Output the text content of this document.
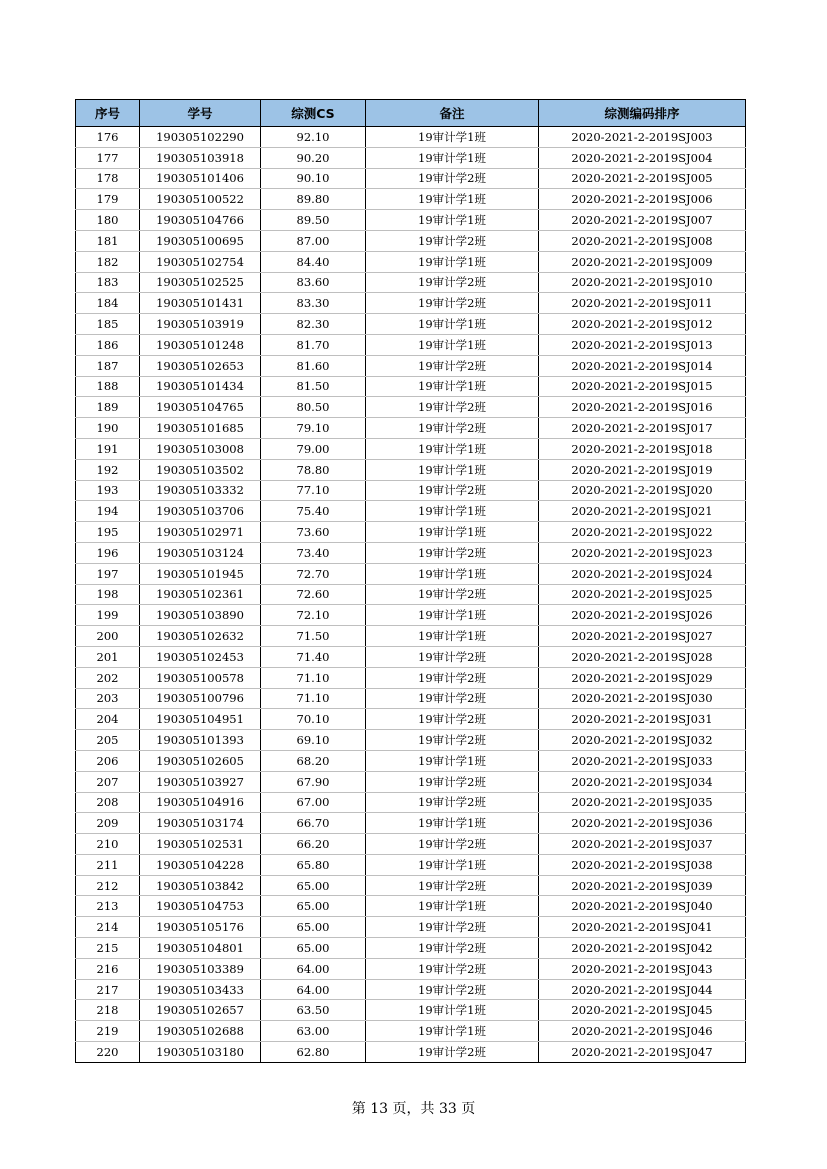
序号	学号	综测CS	备注	综测编码排序
176	190305102290	92.10	19审计学1班	2020-2021-2-2019SJ003
177	190305103918	90.20	19审计学1班	2020-2021-2-2019SJ004
178	190305101406	90.10	19审计学2班	2020-2021-2-2019SJ005
179	190305100522	89.80	19审计学1班	2020-2021-2-2019SJ006
180	190305104766	89.50	19审计学1班	2020-2021-2-2019SJ007
181	190305100695	87.00	19审计学2班	2020-2021-2-2019SJ008
182	190305102754	84.40	19审计学1班	2020-2021-2-2019SJ009
183	190305102525	83.60	19审计学2班	2020-2021-2-2019SJ010
184	190305101431	83.30	19审计学2班	2020-2021-2-2019SJ011
185	190305103919	82.30	19审计学1班	2020-2021-2-2019SJ012
186	190305101248	81.70	19审计学1班	2020-2021-2-2019SJ013
187	190305102653	81.60	19审计学2班	2020-2021-2-2019SJ014
188	190305101434	81.50	19审计学1班	2020-2021-2-2019SJ015
189	190305104765	80.50	19审计学2班	2020-2021-2-2019SJ016
190	190305101685	79.10	19审计学2班	2020-2021-2-2019SJ017
191	190305103008	79.00	19审计学1班	2020-2021-2-2019SJ018
192	190305103502	78.80	19审计学1班	2020-2021-2-2019SJ019
193	190305103332	77.10	19审计学2班	2020-2021-2-2019SJ020
194	190305103706	75.40	19审计学1班	2020-2021-2-2019SJ021
195	190305102971	73.60	19审计学1班	2020-2021-2-2019SJ022
196	190305103124	73.40	19审计学2班	2020-2021-2-2019SJ023
197	190305101945	72.70	19审计学1班	2020-2021-2-2019SJ024
198	190305102361	72.60	19审计学2班	2020-2021-2-2019SJ025
199	190305103890	72.10	19审计学1班	2020-2021-2-2019SJ026
200	190305102632	71.50	19审计学1班	2020-2021-2-2019SJ027
201	190305102453	71.40	19审计学2班	2020-2021-2-2019SJ028
202	190305100578	71.10	19审计学2班	2020-2021-2-2019SJ029
203	190305100796	71.10	19审计学2班	2020-2021-2-2019SJ030
204	190305104951	70.10	19审计学2班	2020-2021-2-2019SJ031
205	190305101393	69.10	19审计学2班	2020-2021-2-2019SJ032
206	190305102605	68.20	19审计学1班	2020-2021-2-2019SJ033
207	190305103927	67.90	19审计学2班	2020-2021-2-2019SJ034
208	190305104916	67.00	19审计学2班	2020-2021-2-2019SJ035
209	190305103174	66.70	19审计学1班	2020-2021-2-2019SJ036
210	190305102531	66.20	19审计学2班	2020-2021-2-2019SJ037
211	190305104228	65.80	19审计学1班	2020-2021-2-2019SJ038
212	190305103842	65.00	19审计学2班	2020-2021-2-2019SJ039
213	190305104753	65.00	19审计学1班	2020-2021-2-2019SJ040
214	190305105176	65.00	19审计学2班	2020-2021-2-2019SJ041
215	190305104801	65.00	19审计学2班	2020-2021-2-2019SJ042
216	190305103389	64.00	19审计学2班	2020-2021-2-2019SJ043
217	190305103433	64.00	19审计学2班	2020-2021-2-2019SJ044
218	190305102657	63.50	19审计学1班	2020-2021-2-2019SJ045
219	190305102688	63.00	19审计学1班	2020-2021-2-2019SJ046
220	190305103180	62.80	19审计学2班	2020-2021-2-2019SJ047
第 13 页，共 33 页
